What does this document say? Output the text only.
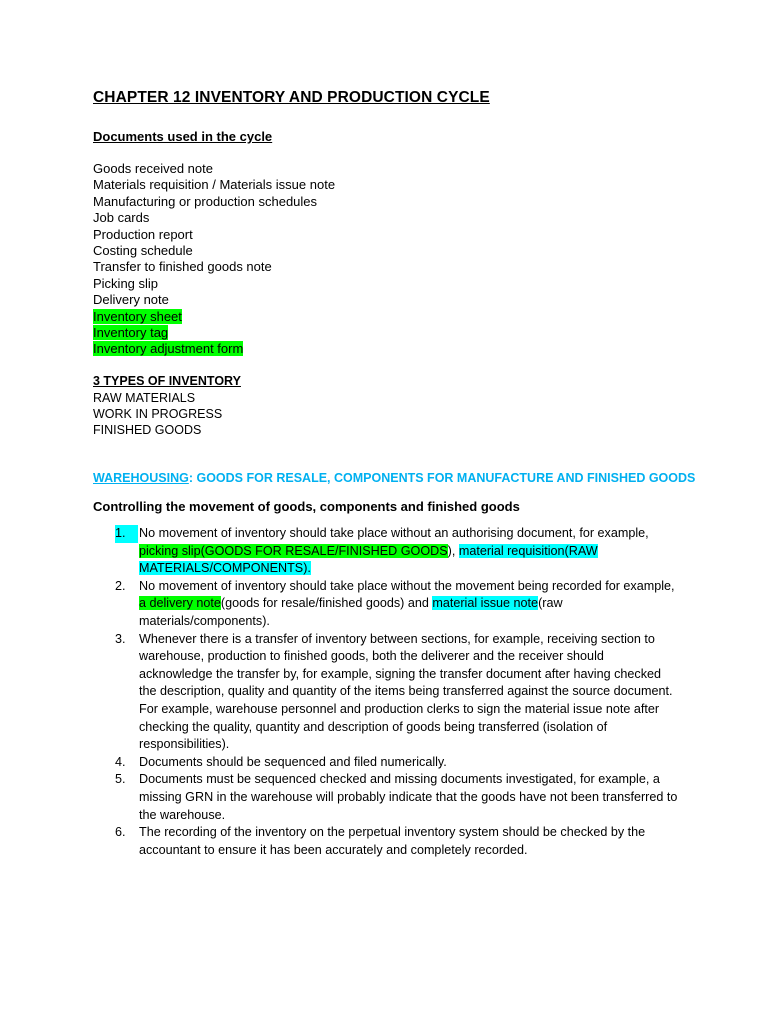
CHAPTER 12 INVENTORY AND PRODUCTION CYCLE
Documents used in the cycle
Goods received note
Materials requisition / Materials issue note
Manufacturing or production schedules
Job cards
Production report
Costing schedule
Transfer to finished goods note
Picking slip
Delivery note
Inventory sheet
Inventory tag
Inventory adjustment form
3 TYPES OF INVENTORY
RAW MATERIALS
WORK IN PROGRESS
FINISHED GOODS
WAREHOUSING: GOODS FOR RESALE, COMPONENTS FOR MANUFACTURE AND FINISHED GOODS
Controlling the movement of goods, components and finished goods
1.	No movement of inventory should take place without an authorising document, for example, picking slip(GOODS FOR RESALE/FINISHED GOODS), material requisition(RAW MATERIALS/COMPONENTS).
2. No movement of inventory should take place without the movement being recorded for example, a delivery note(goods for resale/finished goods) and material issue note(raw materials/components).
3. Whenever there is a transfer of inventory between sections, for example, receiving section to warehouse, production to finished goods, both the deliverer and the receiver should acknowledge the transfer by, for example, signing the transfer document after having checked the description, quality and quantity of the items being transferred against the source document. For example, warehouse personnel and production clerks to sign the material issue note after checking the quality, quantity and description of goods being transferred (isolation of responsibilities).
4. Documents should be sequenced and filed numerically.
5. Documents must be sequenced checked and missing documents investigated, for example, a missing GRN in the warehouse will probably indicate that the goods have not been transferred to the warehouse.
6. The recording of the inventory on the perpetual inventory system should be checked by the accountant to ensure it has been accurately and completely recorded.
